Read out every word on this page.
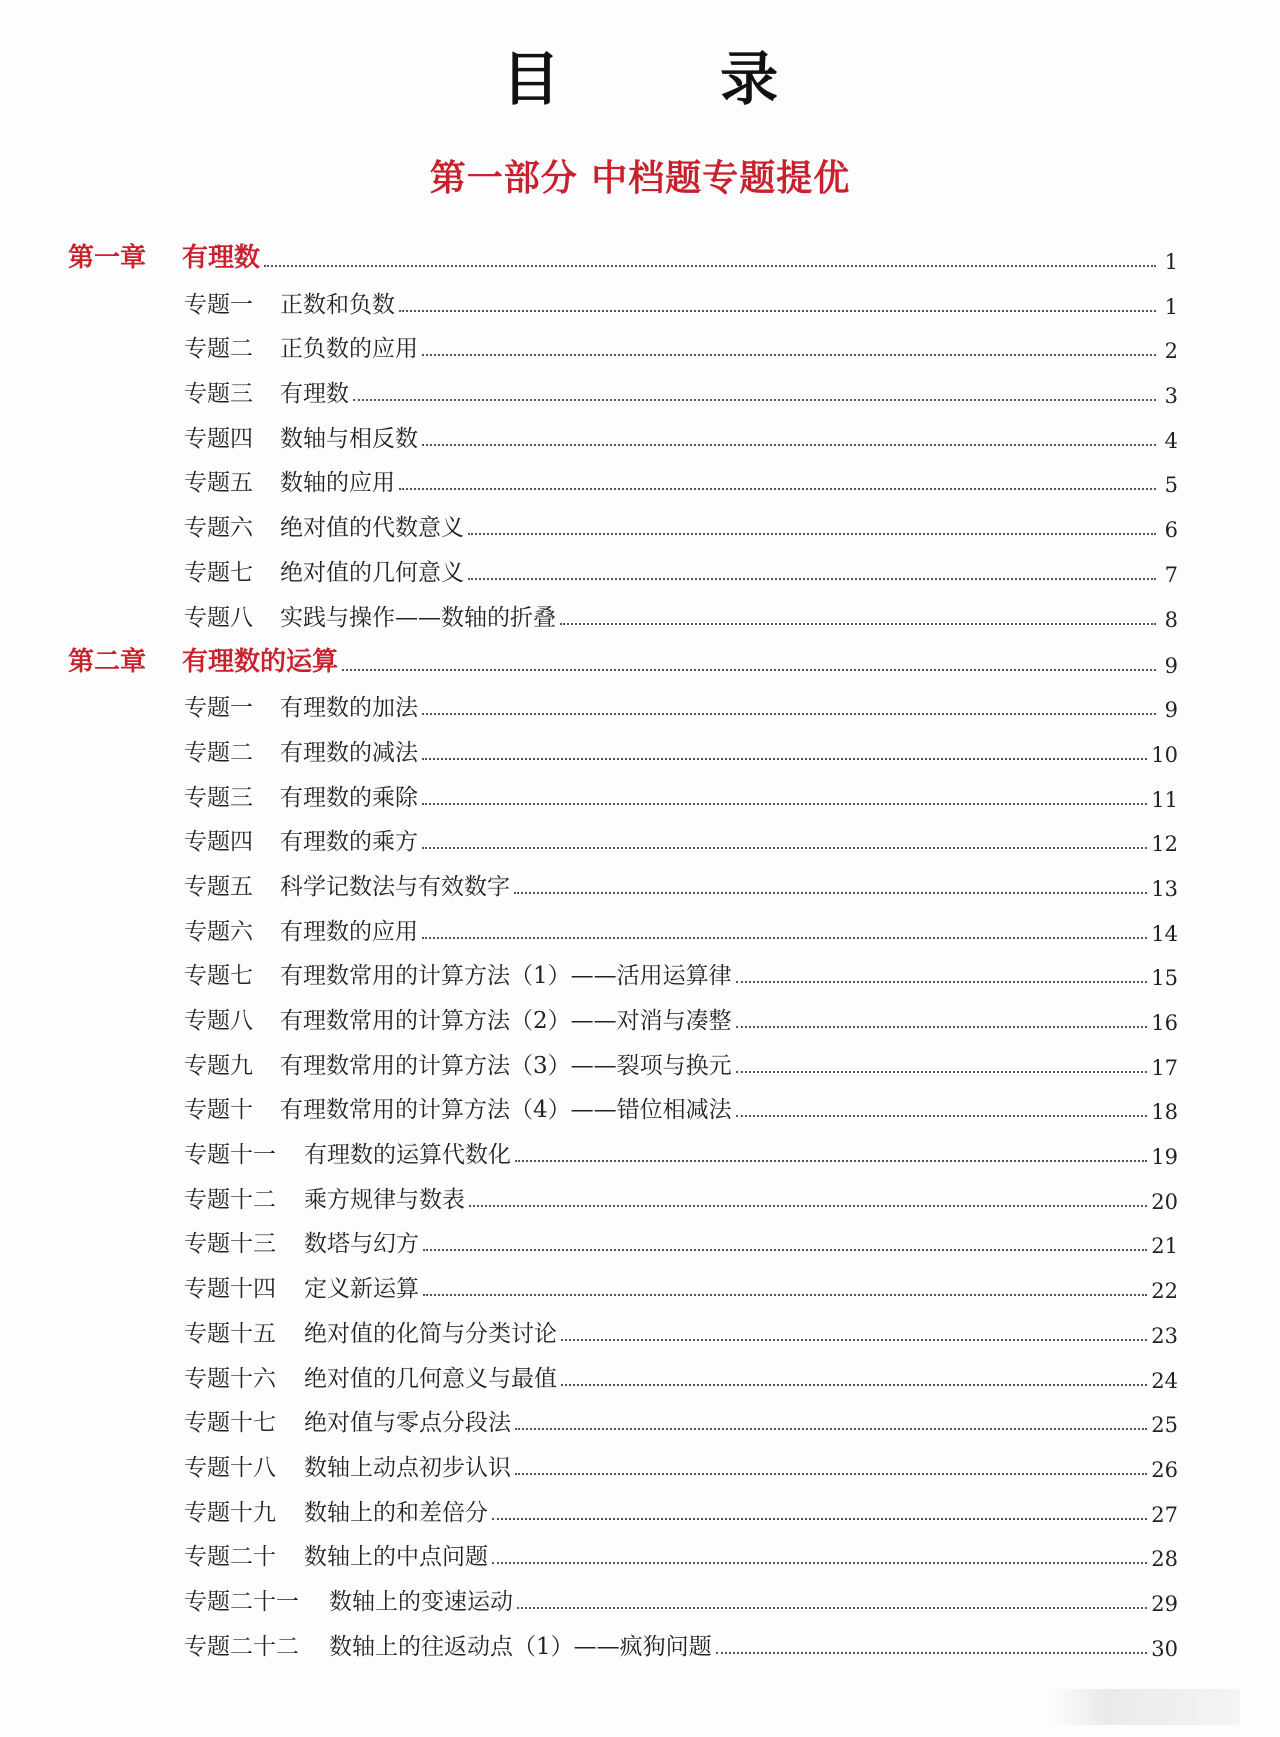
目 录
第一部分 中档题专题提优
第一章	有理数	1
专题一	正数和负数	1
专题二	正负数的应用	2
专题三	有理数	3
专题四	数轴与相反数	4
专题五	数轴的应用	5
专题六	绝对值的代数意义	6
专题七	绝对值的几何意义	7
专题八	实践与操作——数轴的折叠	8
第二章	有理数的运算	9
专题一	有理数的加法	9
专题二	有理数的减法	10
专题三	有理数的乘除	11
专题四	有理数的乘方	12
专题五	科学记数法与有效数字	13
专题六	有理数的应用	14
专题七	有理数常用的计算方法（1）——活用运算律	15
专题八	有理数常用的计算方法（2）——对消与凑整	16
专题九	有理数常用的计算方法（3）——裂项与换元	17
专题十	有理数常用的计算方法（4）——错位相减法	18
专题十一	有理数的运算代数化	19
专题十二	乘方规律与数表	20
专题十三	数塔与幻方	21
专题十四	定义新运算	22
专题十五	绝对值的化简与分类讨论	23
专题十六	绝对值的几何意义与最值	24
专题十七	绝对值与零点分段法	25
专题十八	数轴上动点初步认识	26
专题十九	数轴上的和差倍分	27
专题二十	数轴上的中点问题	28
专题二十一	数轴上的变速运动	29
专题二十二	数轴上的往返动点（1）——疯狗问题	30
